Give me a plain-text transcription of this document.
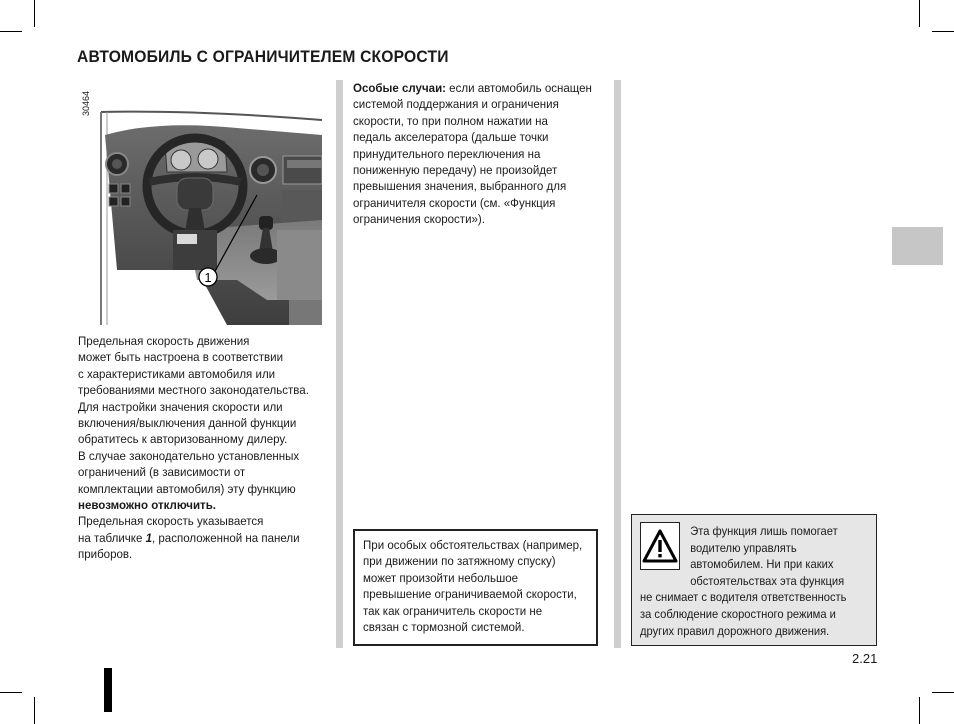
АВТОМОБИЛЬ С ОГРАНИЧИТЕЛЕМ СКОРОСТИ
1
30464

Предельная скорость движения

может быть настроена в соответствии

с характеристиками автомобиля или

требованиями местного законодательства.

Для настройки значения скорости или

включения/выключения данной функции

обратитесь к авторизованному дилеру.

В случае законодательно установленных

ограничений (в зависимости от

комплектации автомобиля) эту функцию

невозможно отключить.

Предельная скорость указывается

на табличке 1, расположенной на панели

приборов.

Особые случаи: если автомобиль оснащен

системой поддержания и ограничения

скорости, то при полном нажатии на

педаль акселератора (дальше точки

принудительного переключения на

пониженную передачу) не произойдет

превышения значения, выбранного для

ограничителя скорости (см. «Функция

ограничения скорости»).

При особых обстоятельствах (например,

при движении по затяжному спуску)

может произойти небольшое

превышение ограничиваемой скорости,

так как ограничитель скорости не

связан с тормозной системой.

Эта функция лишь помогает
водителю управлять
автомобилем. Ни при каких
обстоятельствах эта функция
не снимает с водителя ответственность
за соблюдение скоростного режима и
других правил дорожного движения.
2.21
